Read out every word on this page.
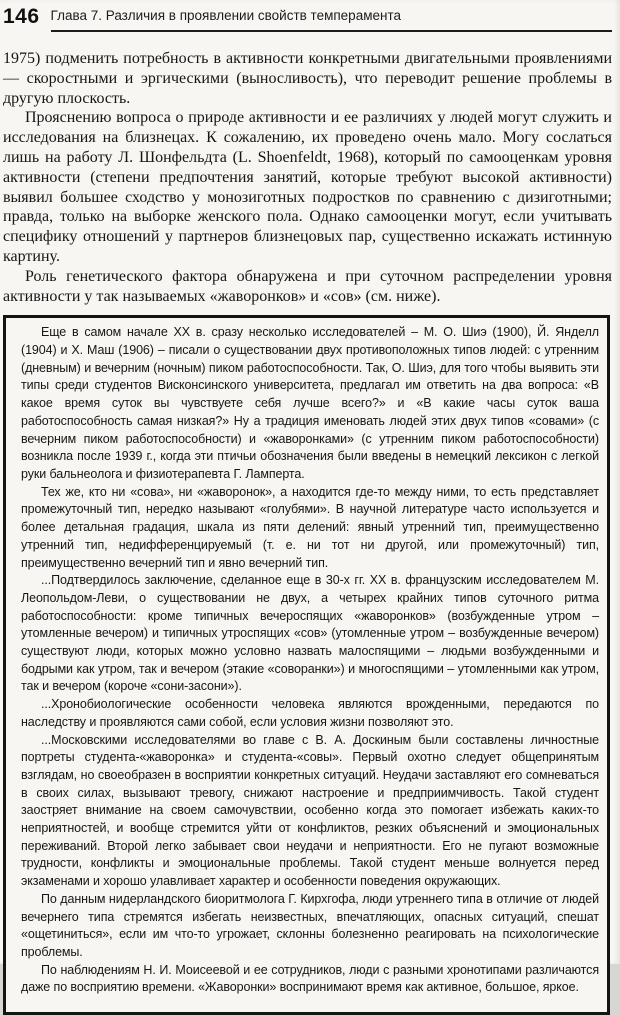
146 Глава 7. Различия в проявлении свойств темперамента

1975) подменить потребность в активности конкретными двигательными проявлениями — скоростными и эргическими (выносливость), что переводит решение проблемы в другую плоскость.

Прояснению вопроса о природе активности и ее различиях у людей могут служить и исследования на близнецах. К сожалению, их проведено очень мало. Могу сослаться лишь на работу Л. Шонфельдта (L. Shoenfeldt, 1968), который по самооценкам уровня активности (степени предпочтения занятий, которые требуют высокой активности) выявил большее сходство у монозиготных подростков по сравнению с дизиготными; правда, только на выборке женского пола. Однако самооценки могут, если учитывать специфику отношений у партнеров близнецовых пар, существенно искажать истинную картину.

Роль генетического фактора обнаружена и при суточном распределении уровня активности у так называемых «жаворонков» и «сов» (см. ниже).

Еще в самом начале XX в. сразу несколько исследователей – М. О. Шиэ (1900), Й. Янделл (1904) и Х. Маш (1906) – писали о существовании двух противоположных типов людей: с утренним (дневным) и вечерним (ночным) пиком работоспособности. Так, О. Шиэ, для того чтобы выявить эти типы среди студентов Висконсинского университета, предлагал им ответить на два вопроса: «В какое время суток вы чувствуете себя лучше всего?» и «В какие часы суток ваша работоспособность самая низкая?» Ну а традиция именовать людей этих двух типов «совами» (с вечерним пиком работоспособности) и «жаворонками» (с утренним пиком работоспособности) возникла после 1939 г., когда эти птичьи обозначения были введены в немецкий лексикон с легкой руки бальнеолога и физиотерапевта Г. Ламперта.

Тех же, кто ни «сова», ни «жаворонок», а находится где-то между ними, то есть представляет промежуточный тип, нередко называют «голубями». В научной литературе часто используется и более детальная градация, шкала из пяти делений: явный утренний тип, преимущественно утренний тип, недифференцируемый (т. е. ни тот ни другой, или промежуточный) тип, преимущественно вечерний тип и явно вечерний тип.

...Подтвердилось заключение, сделанное еще в 30-х гг. XX в. французским исследователем М. Леопольдом-Леви, о существовании не двух, а четырех крайних типов суточного ритма работоспособности: кроме типичных вечероспящих «жаворонков» (возбужденные утром – утомленные вечером) и типичных утроспящих «сов» (утомленные утром – возбужденные вечером) существуют люди, которых можно условно назвать малоспящими – людьми возбужденными и бодрыми как утром, так и вечером (этакие «соворанки») и многоспящими – утомленными как утром, так и вечером (короче «сони-засони»).

...Хронобиологические особенности человека являются врожденными, передаются по наследству и проявляются сами собой, если условия жизни позволяют это.

...Московскими исследователями во главе с В. А. Доскиным были составлены личностные портреты студента-«жаворонка» и студента-«совы». Первый охотно следует общепринятым взглядам, но своеобразен в восприятии конкретных ситуаций. Неудачи заставляют его сомневаться в своих силах, вызывают тревогу, снижают настроение и предприимчивость. Такой студент заостряет внимание на своем самочувствии, особенно когда это помогает избежать каких-то неприятностей, и вообще стремится уйти от конфликтов, резких объяснений и эмоциональных переживаний. Второй легко забывает свои неудачи и неприятности. Его не пугают возможные трудности, конфликты и эмоциональные проблемы. Такой студент меньше волнуется перед экзаменами и хорошо улавливает характер и особенности поведения окружающих.

По данным нидерландского биоритмолога Г. Кирхгофа, люди утреннего типа в отличие от людей вечернего типа стремятся избегать неизвестных, впечатляющих, опасных ситуаций, спешат «ощетиниться», если им что-то угрожает, склонны болезненно реагировать на психологические проблемы.

По наблюдениям Н. И. Моисеевой и ее сотрудников, люди с разными хронотипами различаются даже по восприятию времени. «Жаворонки» воспринимают время как активное, большое, яркое.
